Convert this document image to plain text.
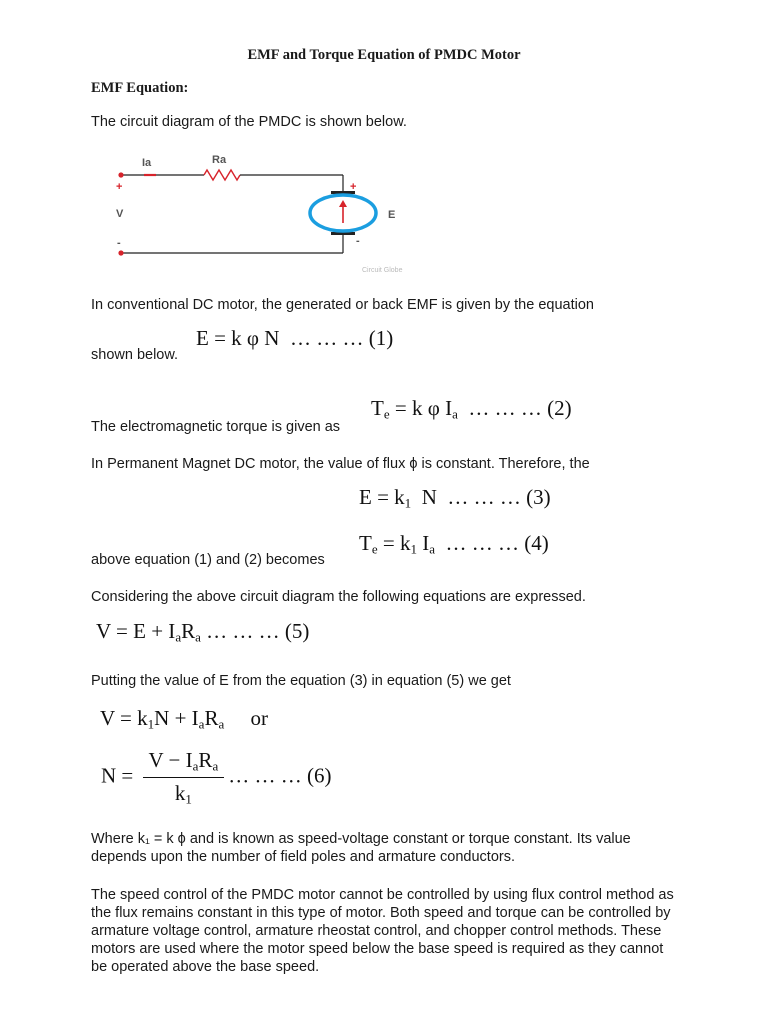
EMF and Torque Equation of PMDC Motor
EMF Equation:

The circuit diagram of the PMDC is shown below.

Ia	Ra
+
V
-
+
E
-
Circuit Globe

In conventional DC motor, the generated or back EMF is given by the equation

E = k φ N … … … (1)

shown below.

$T_e = k$ φ $I_a$ … … … (2)

The electromagnetic torque is given as

In Permanent Magnet DC motor, the value of flux ϕ is constant. Therefore, the

$E = k_1$ N … … … (3)
$T_e = k_1$ $I_a$ … … … (4)

above equation (1) and (2) becomes

Considering the above circuit diagram the following equations are expressed.

$V = E + I_aR_a$ … … … (5)

Putting the value of E from the equation (3) in equation (5) we get

$V = k_1N + I_aR_a$ or
$N = \frac{V - I_aR_a}{k_1}$ … … … (6)

Where k₁ = k ϕ and is known as speed-voltage constant or torque constant. Its value depends upon the number of field poles and armature conductors.

The speed control of the PMDC motor cannot be controlled by using flux control method as the flux remains constant in this type of motor. Both speed and torque can be controlled by armature voltage control, armature rheostat control, and chopper control methods. These motors are used where the motor speed below the base speed is required as they cannot be operated above the base speed.
